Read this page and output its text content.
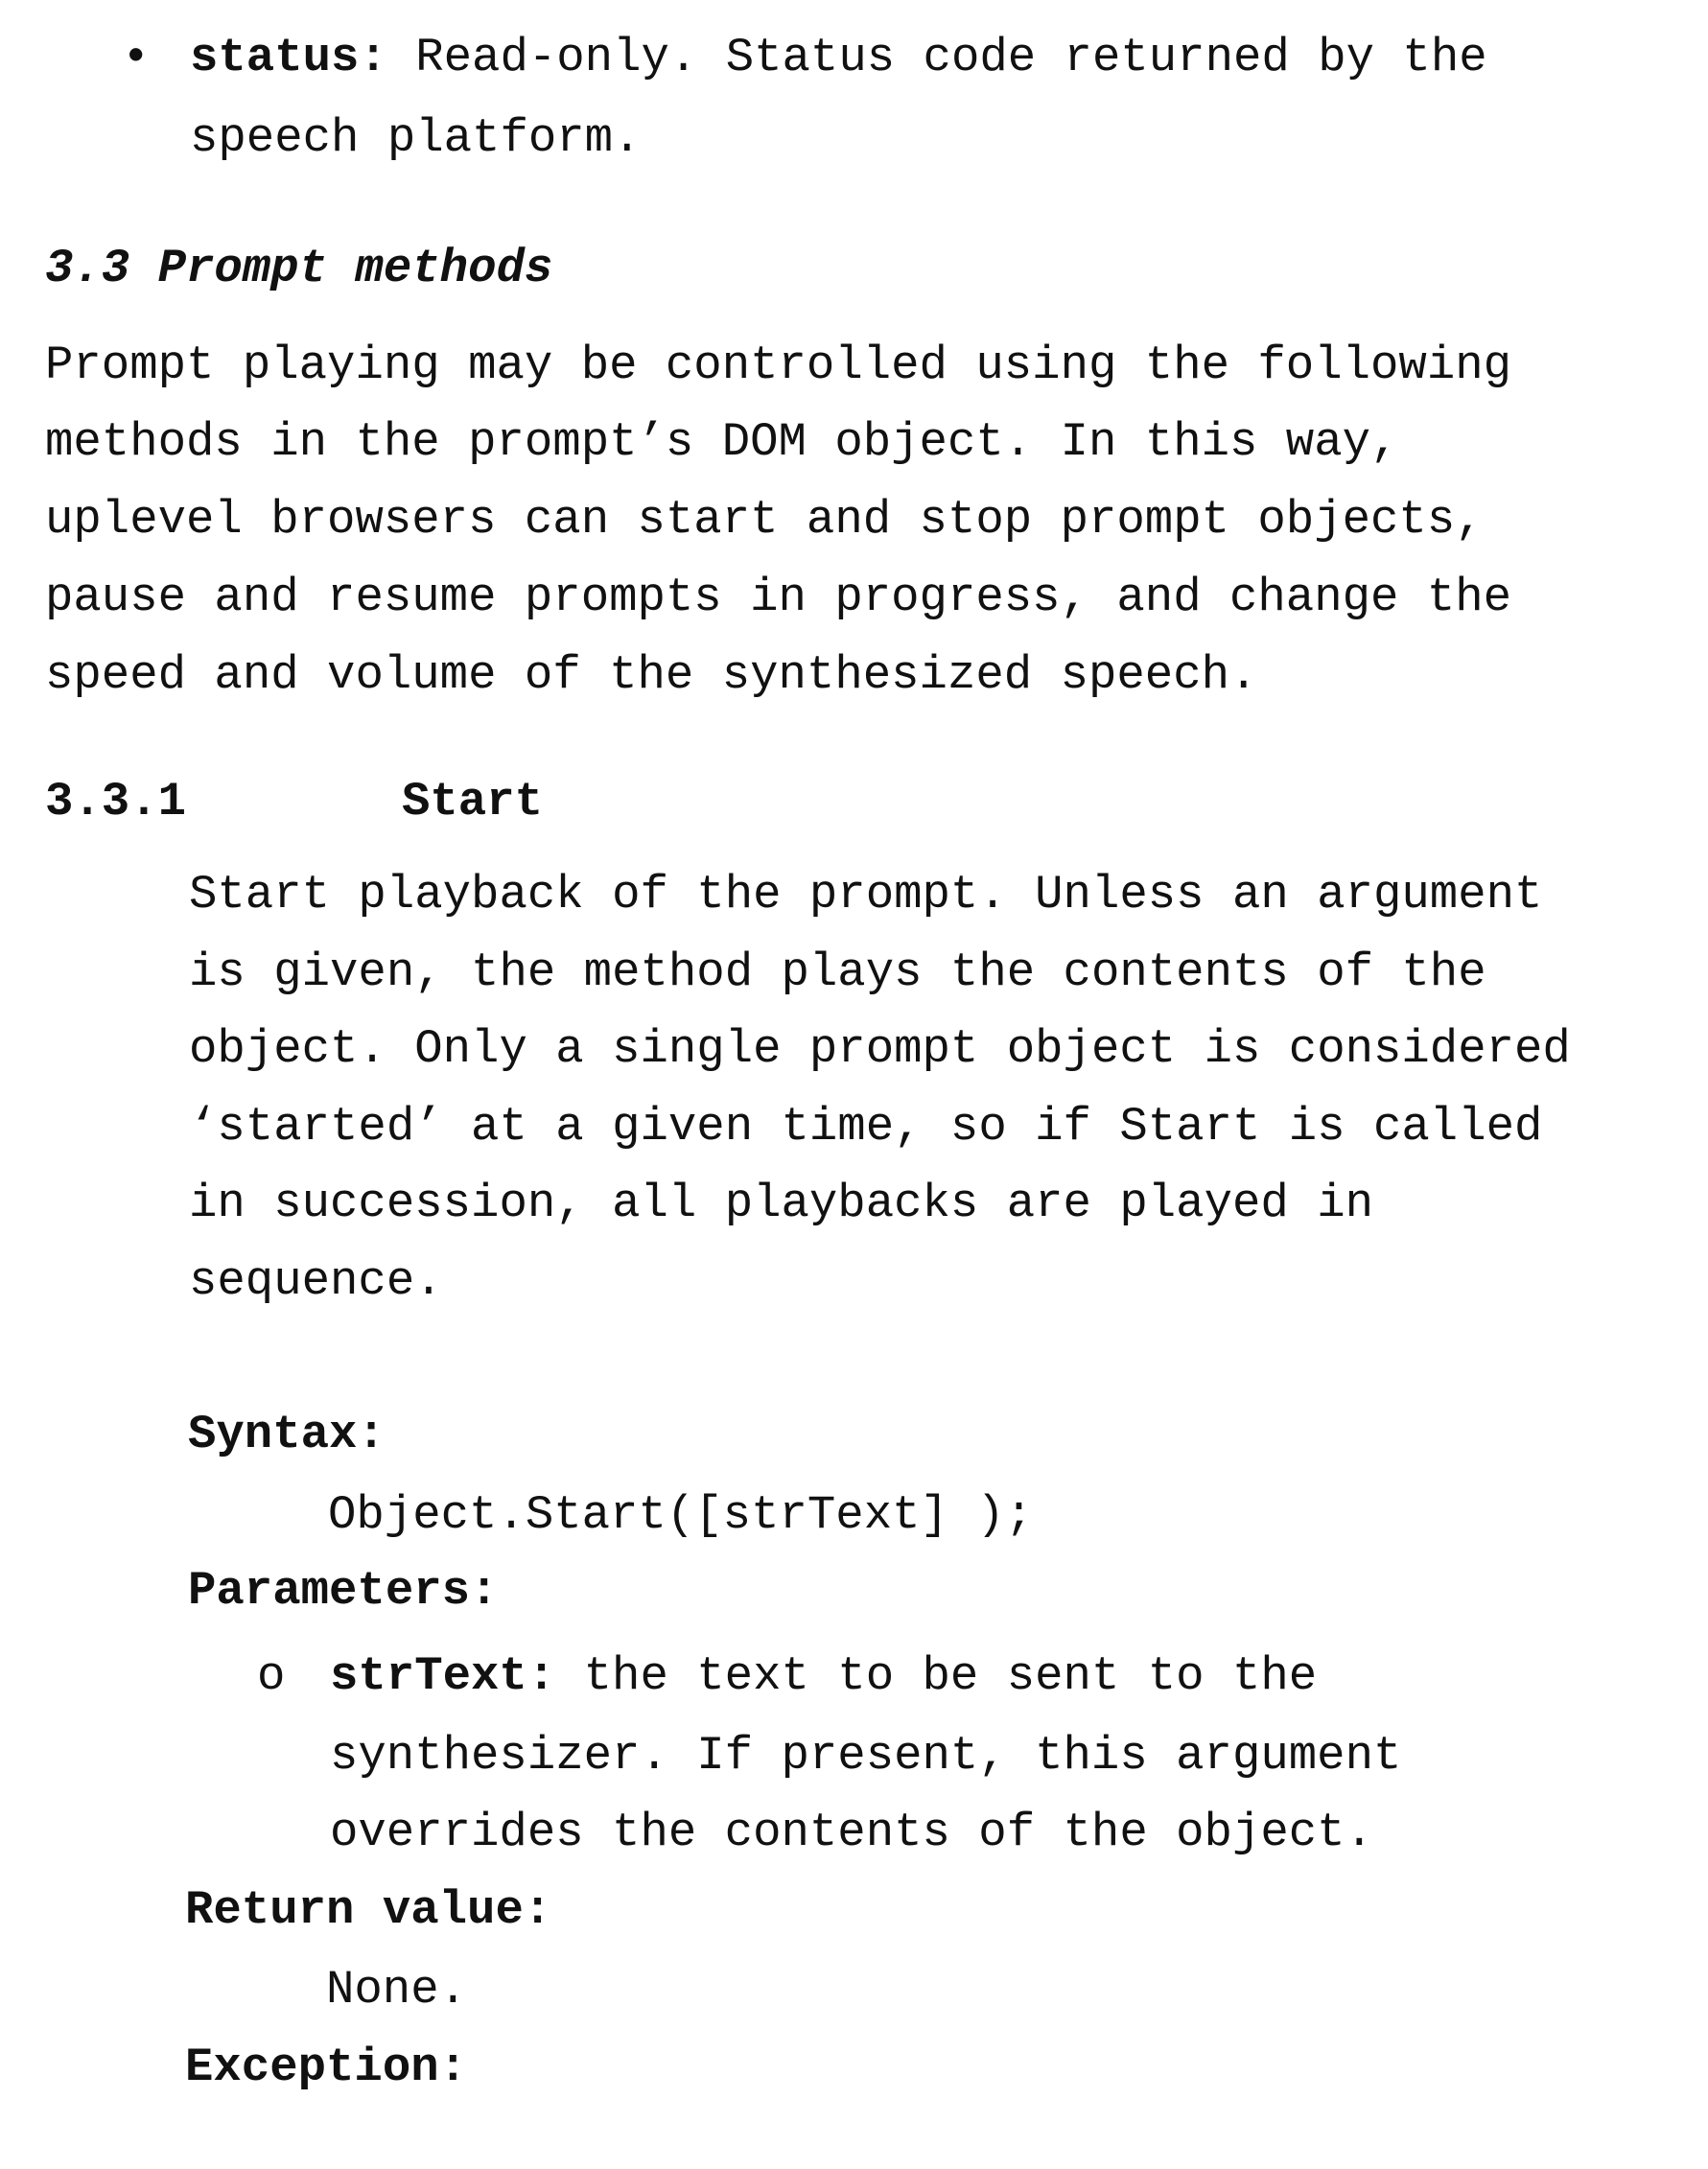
• status: Read-only. Status code returned by the
speech platform.
3.3 Prompt methods
Prompt playing may be controlled using the following
methods in the prompt’s DOM object. In this way,
uplevel browsers can start and stop prompt objects,
pause and resume prompts in progress, and change the
speed and volume of the synthesized speech.
3.3.1	Start
Start playback of the prompt. Unless an argument
is given, the method plays the contents of the
object. Only a single prompt object is considered
‘started’ at a given time, so if Start is called
in succession, all playbacks are played in
sequence.
Syntax:
Object.Start([strText] );
Parameters:
o strText: the text to be sent to the
synthesizer. If present, this argument
overrides the contents of the object.
Return value:
None.
Exception:
